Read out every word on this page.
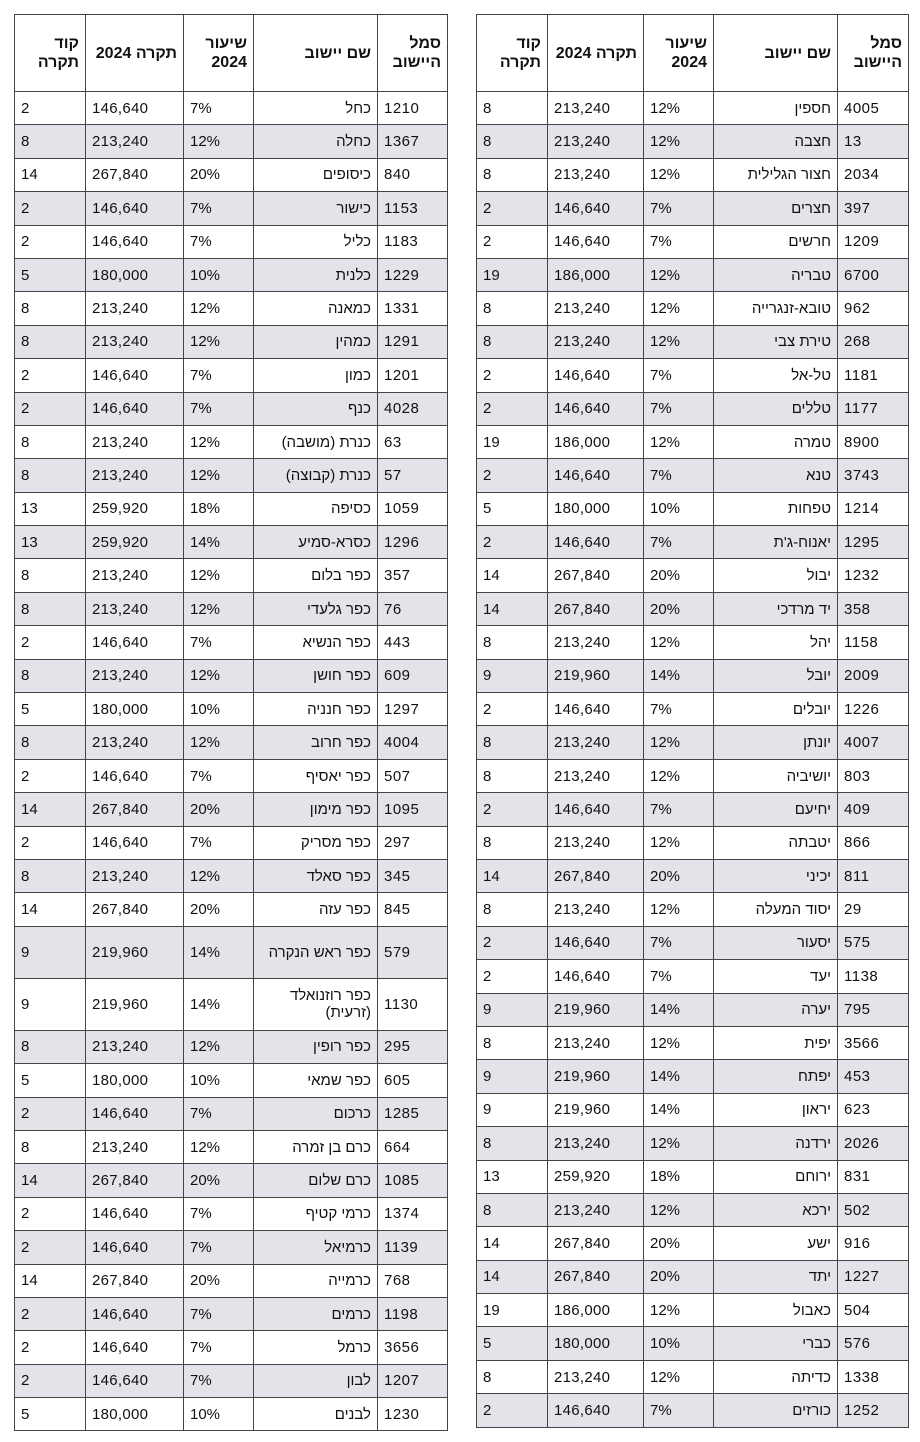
סמל היישוב	שם יישוב	שיעור 2024	תקרה 2024	קוד תקרה
1210	כחל	7%	146,640	2
1367	כחלה	12%	213,240	8
840	כיסופים	20%	267,840	14
1153	כישור	7%	146,640	2
1183	כליל	7%	146,640	2
1229	כלנית	10%	180,000	5
1331	כמאנה	12%	213,240	8
1291	כמהין	12%	213,240	8
1201	כמון	7%	146,640	2
4028	כנף	7%	146,640	2
63	כנרת (מושבה)	12%	213,240	8
57	כנרת (קבוצה)	12%	213,240	8
1059	כסיפה	18%	259,920	13
1296	כסרא-סמיע	14%	259,920	13
357	כפר בלום	12%	213,240	8
76	כפר גלעדי	12%	213,240	8
443	כפר הנשיא	7%	146,640	2
609	כפר חושן	12%	213,240	8
1297	כפר חנניה	10%	180,000	5
4004	כפר חרוב	12%	213,240	8
507	כפר יאסיף	7%	146,640	2
1095	כפר מימון	20%	267,840	14
297	כפר מסריק	7%	146,640	2
345	כפר סאלד	12%	213,240	8
845	כפר עזה	20%	267,840	14
579	כפר ראש הנקרה	14%	219,960	9
1130	כפר רוזנואלד (זרעית)	14%	219,960	9
295	כפר רופין	12%	213,240	8
605	כפר שמאי	10%	180,000	5
1285	כרכום	7%	146,640	2
664	כרם בן זמרה	12%	213,240	8
1085	כרם שלום	20%	267,840	14
1374	כרמי קטיף	7%	146,640	2
1139	כרמיאל	7%	146,640	2
768	כרמייה	20%	267,840	14
1198	כרמים	7%	146,640	2
3656	כרמל	7%	146,640	2
1207	לבון	7%	146,640	2
1230	לבנים	10%	180,000	5
סמל היישוב	שם יישוב	שיעור 2024	תקרה 2024	קוד תקרה
4005	חספין	12%	213,240	8
13	חצבה	12%	213,240	8
2034	חצור הגלילית	12%	213,240	8
397	חצרים	7%	146,640	2
1209	חרשים	7%	146,640	2
6700	טבריה	12%	186,000	19
962	טובא-זנגרייה	12%	213,240	8
268	טירת צבי	12%	213,240	8
1181	טל-אל	7%	146,640	2
1177	טללים	7%	146,640	2
8900	טמרה	12%	186,000	19
3743	טנא	7%	146,640	2
1214	טפחות	10%	180,000	5
1295	יאנוח-ג'ת	7%	146,640	2
1232	יבול	20%	267,840	14
358	יד מרדכי	20%	267,840	14
1158	יהל	12%	213,240	8
2009	יובל	14%	219,960	9
1226	יובלים	7%	146,640	2
4007	יונתן	12%	213,240	8
803	יושיביה	12%	213,240	8
409	יחיעם	7%	146,640	2
866	יטבתה	12%	213,240	8
811	יכיני	20%	267,840	14
29	יסוד המעלה	12%	213,240	8
575	יסעור	7%	146,640	2
1138	יעד	7%	146,640	2
795	יערה	14%	219,960	9
3566	יפית	12%	213,240	8
453	יפתח	14%	219,960	9
623	יראון	14%	219,960	9
2026	ירדנה	12%	213,240	8
831	ירוחם	18%	259,920	13
502	ירכא	12%	213,240	8
916	ישע	20%	267,840	14
1227	יתד	20%	267,840	14
504	כאבול	12%	186,000	19
576	כברי	10%	180,000	5
1338	כדיתה	12%	213,240	8
1252	כורזים	7%	146,640	2
